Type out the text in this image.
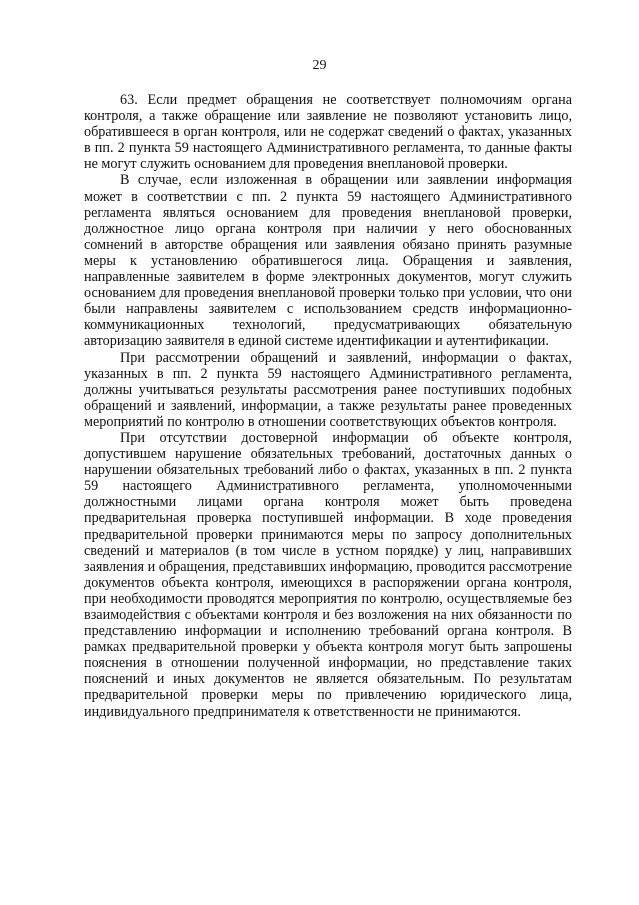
29

63. Если предмет обращения не соответствует полномочиям органа контроля, а также обращение или заявление не позволяют установить лицо, обратившееся в орган контроля, или не содержат сведений о фактах, указанных в пп. 2 пункта 59 настоящего Административного регламента, то данные факты не могут служить основанием для проведения внеплановой проверки.

В случае, если изложенная в обращении или заявлении информация может в соответствии с пп. 2 пункта 59 настоящего Административного регламента являться основанием для проведения внеплановой проверки, должностное лицо органа контроля при наличии у него обоснованных сомнений в авторстве обращения или заявления обязано принять разумные меры к установлению обратившегося лица. Обращения и заявления, направленные заявителем в форме электронных документов, могут служить основанием для проведения внеплановой проверки только при условии, что они были направлены заявителем с использованием средств информационно-коммуникационных технологий, предусматривающих обязательную авторизацию заявителя в единой системе идентификации и аутентификации.

При рассмотрении обращений и заявлений, информации о фактах, указанных в пп. 2 пункта 59 настоящего Административного регламента, должны учитываться результаты рассмотрения ранее поступивших подобных обращений и заявлений, информации, а также результаты ранее проведенных мероприятий по контролю в отношении соответствующих объектов контроля.

При отсутствии достоверной информации об объекте контроля, допустившем нарушение обязательных требований, достаточных данных о нарушении обязательных требований либо о фактах, указанных в пп. 2 пункта 59 настоящего Административного регламента, уполномоченными должностными лицами органа контроля может быть проведена предварительная проверка поступившей информации. В ходе проведения предварительной проверки принимаются меры по запросу дополнительных сведений и материалов (в том числе в устном порядке) у лиц, направивших заявления и обращения, представивших информацию, проводится рассмотрение документов объекта контроля, имеющихся в распоряжении органа контроля, при необходимости проводятся мероприятия по контролю, осуществляемые без взаимодействия с объектами контроля и без возложения на них обязанности по представлению информации и исполнению требований органа контроля. В рамках предварительной проверки у объекта контроля могут быть запрошены пояснения в отношении полученной информации, но представление таких пояснений и иных документов не является обязательным. По результатам предварительной проверки меры по привлечению юридического лица, индивидуального предпринимателя к ответственности не принимаются.
